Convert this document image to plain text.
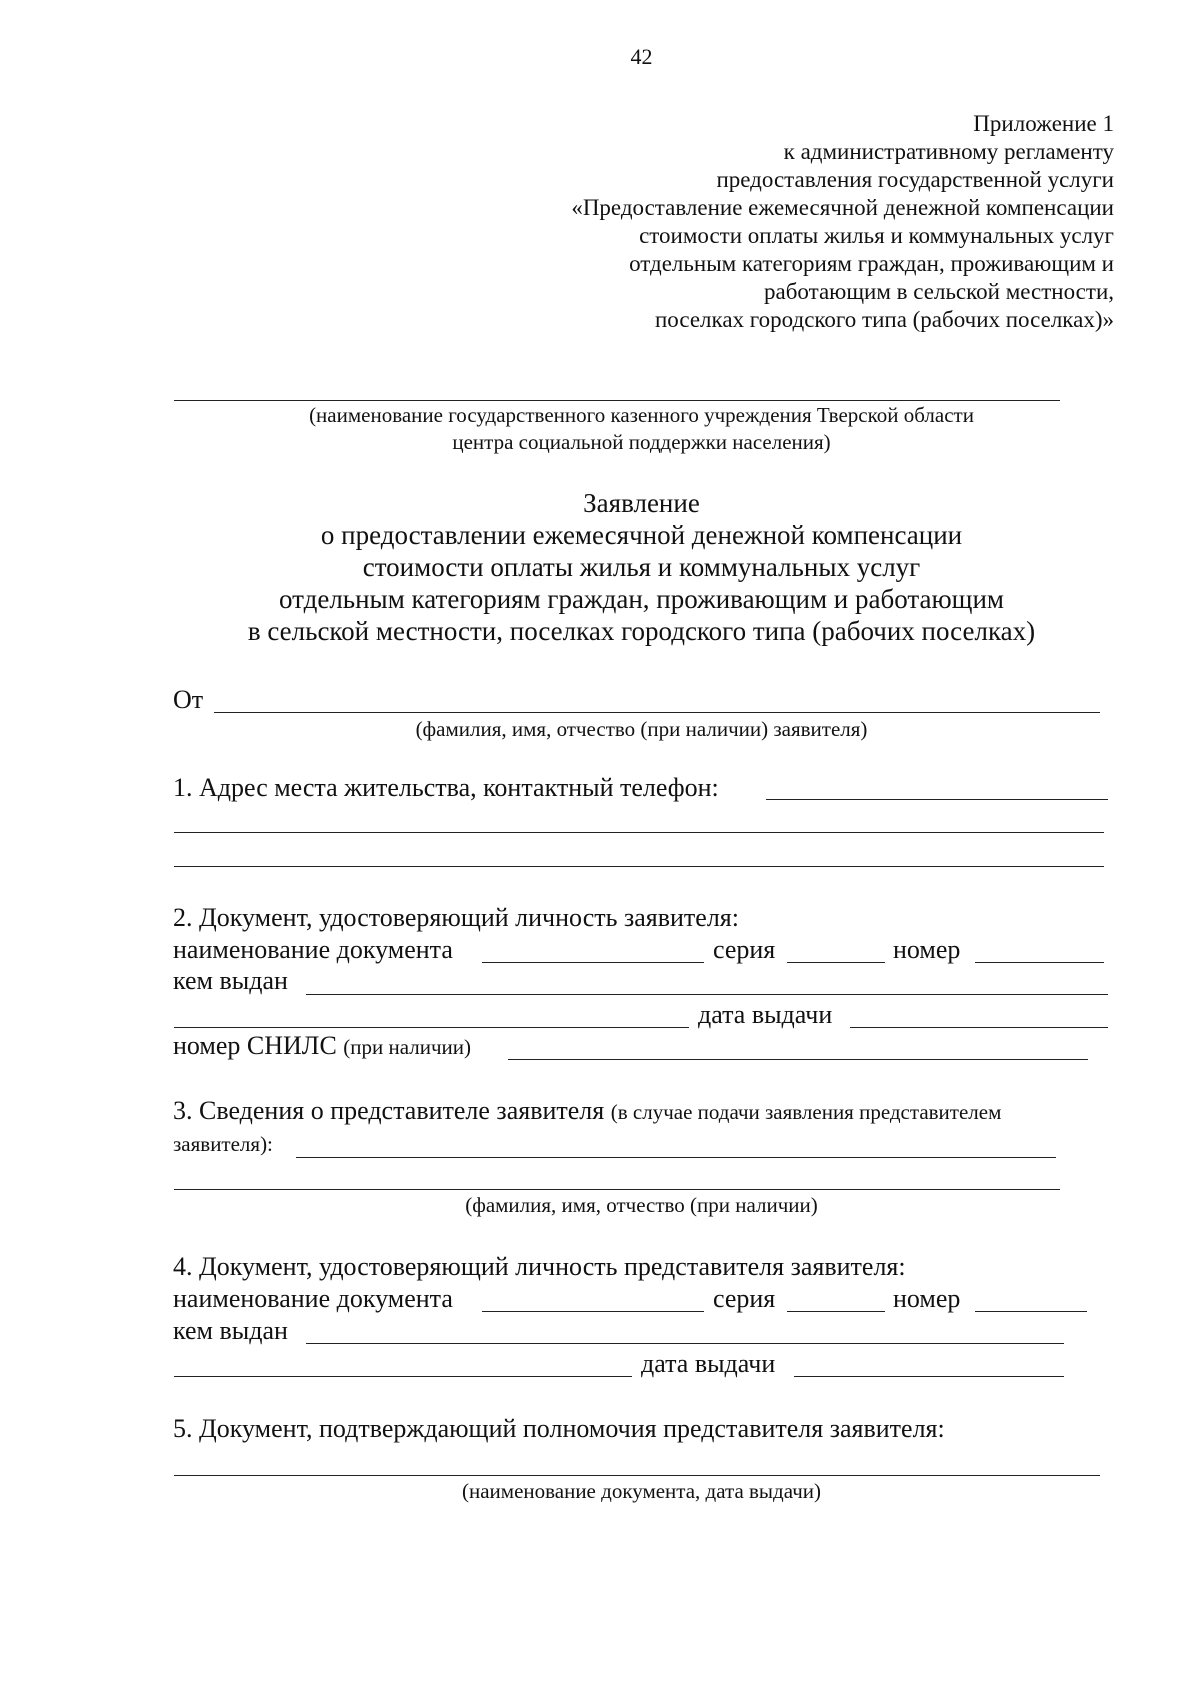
42
Приложение 1
к административному регламенту
предоставления государственной услуги
«Предоставление ежемесячной денежной компенсации
стоимости оплаты жилья и коммунальных услуг
отдельным категориям граждан, проживающим и
работающим в сельской местности,
поселках городского типа (рабочих поселках)»
(наименование государственного казенного учреждения Тверской области
центра социальной поддержки населения)
Заявление
о предоставлении ежемесячной денежной компенсации
стоимости оплаты жилья и коммунальных услуг
отдельным категориям граждан, проживающим и работающим
в сельской местности, поселках городского типа (рабочих поселках)
От
(фамилия, имя, отчество (при наличии) заявителя)
1. Адрес места жительства, контактный телефон:
2. Документ, удостоверяющий личность заявителя:
наименование документа	серия	номер
кем выдан
дата выдачи
номер СНИЛС (при наличии)
3. Сведения о представителе заявителя (в случае подачи заявления представителем
заявителя):
(фамилия, имя, отчество (при наличии)
4. Документ, удостоверяющий личность представителя заявителя:
наименование документа	серия	номер
кем выдан
дата выдачи
5. Документ, подтверждающий полномочия представителя заявителя:
(наименование документа, дата выдачи)
